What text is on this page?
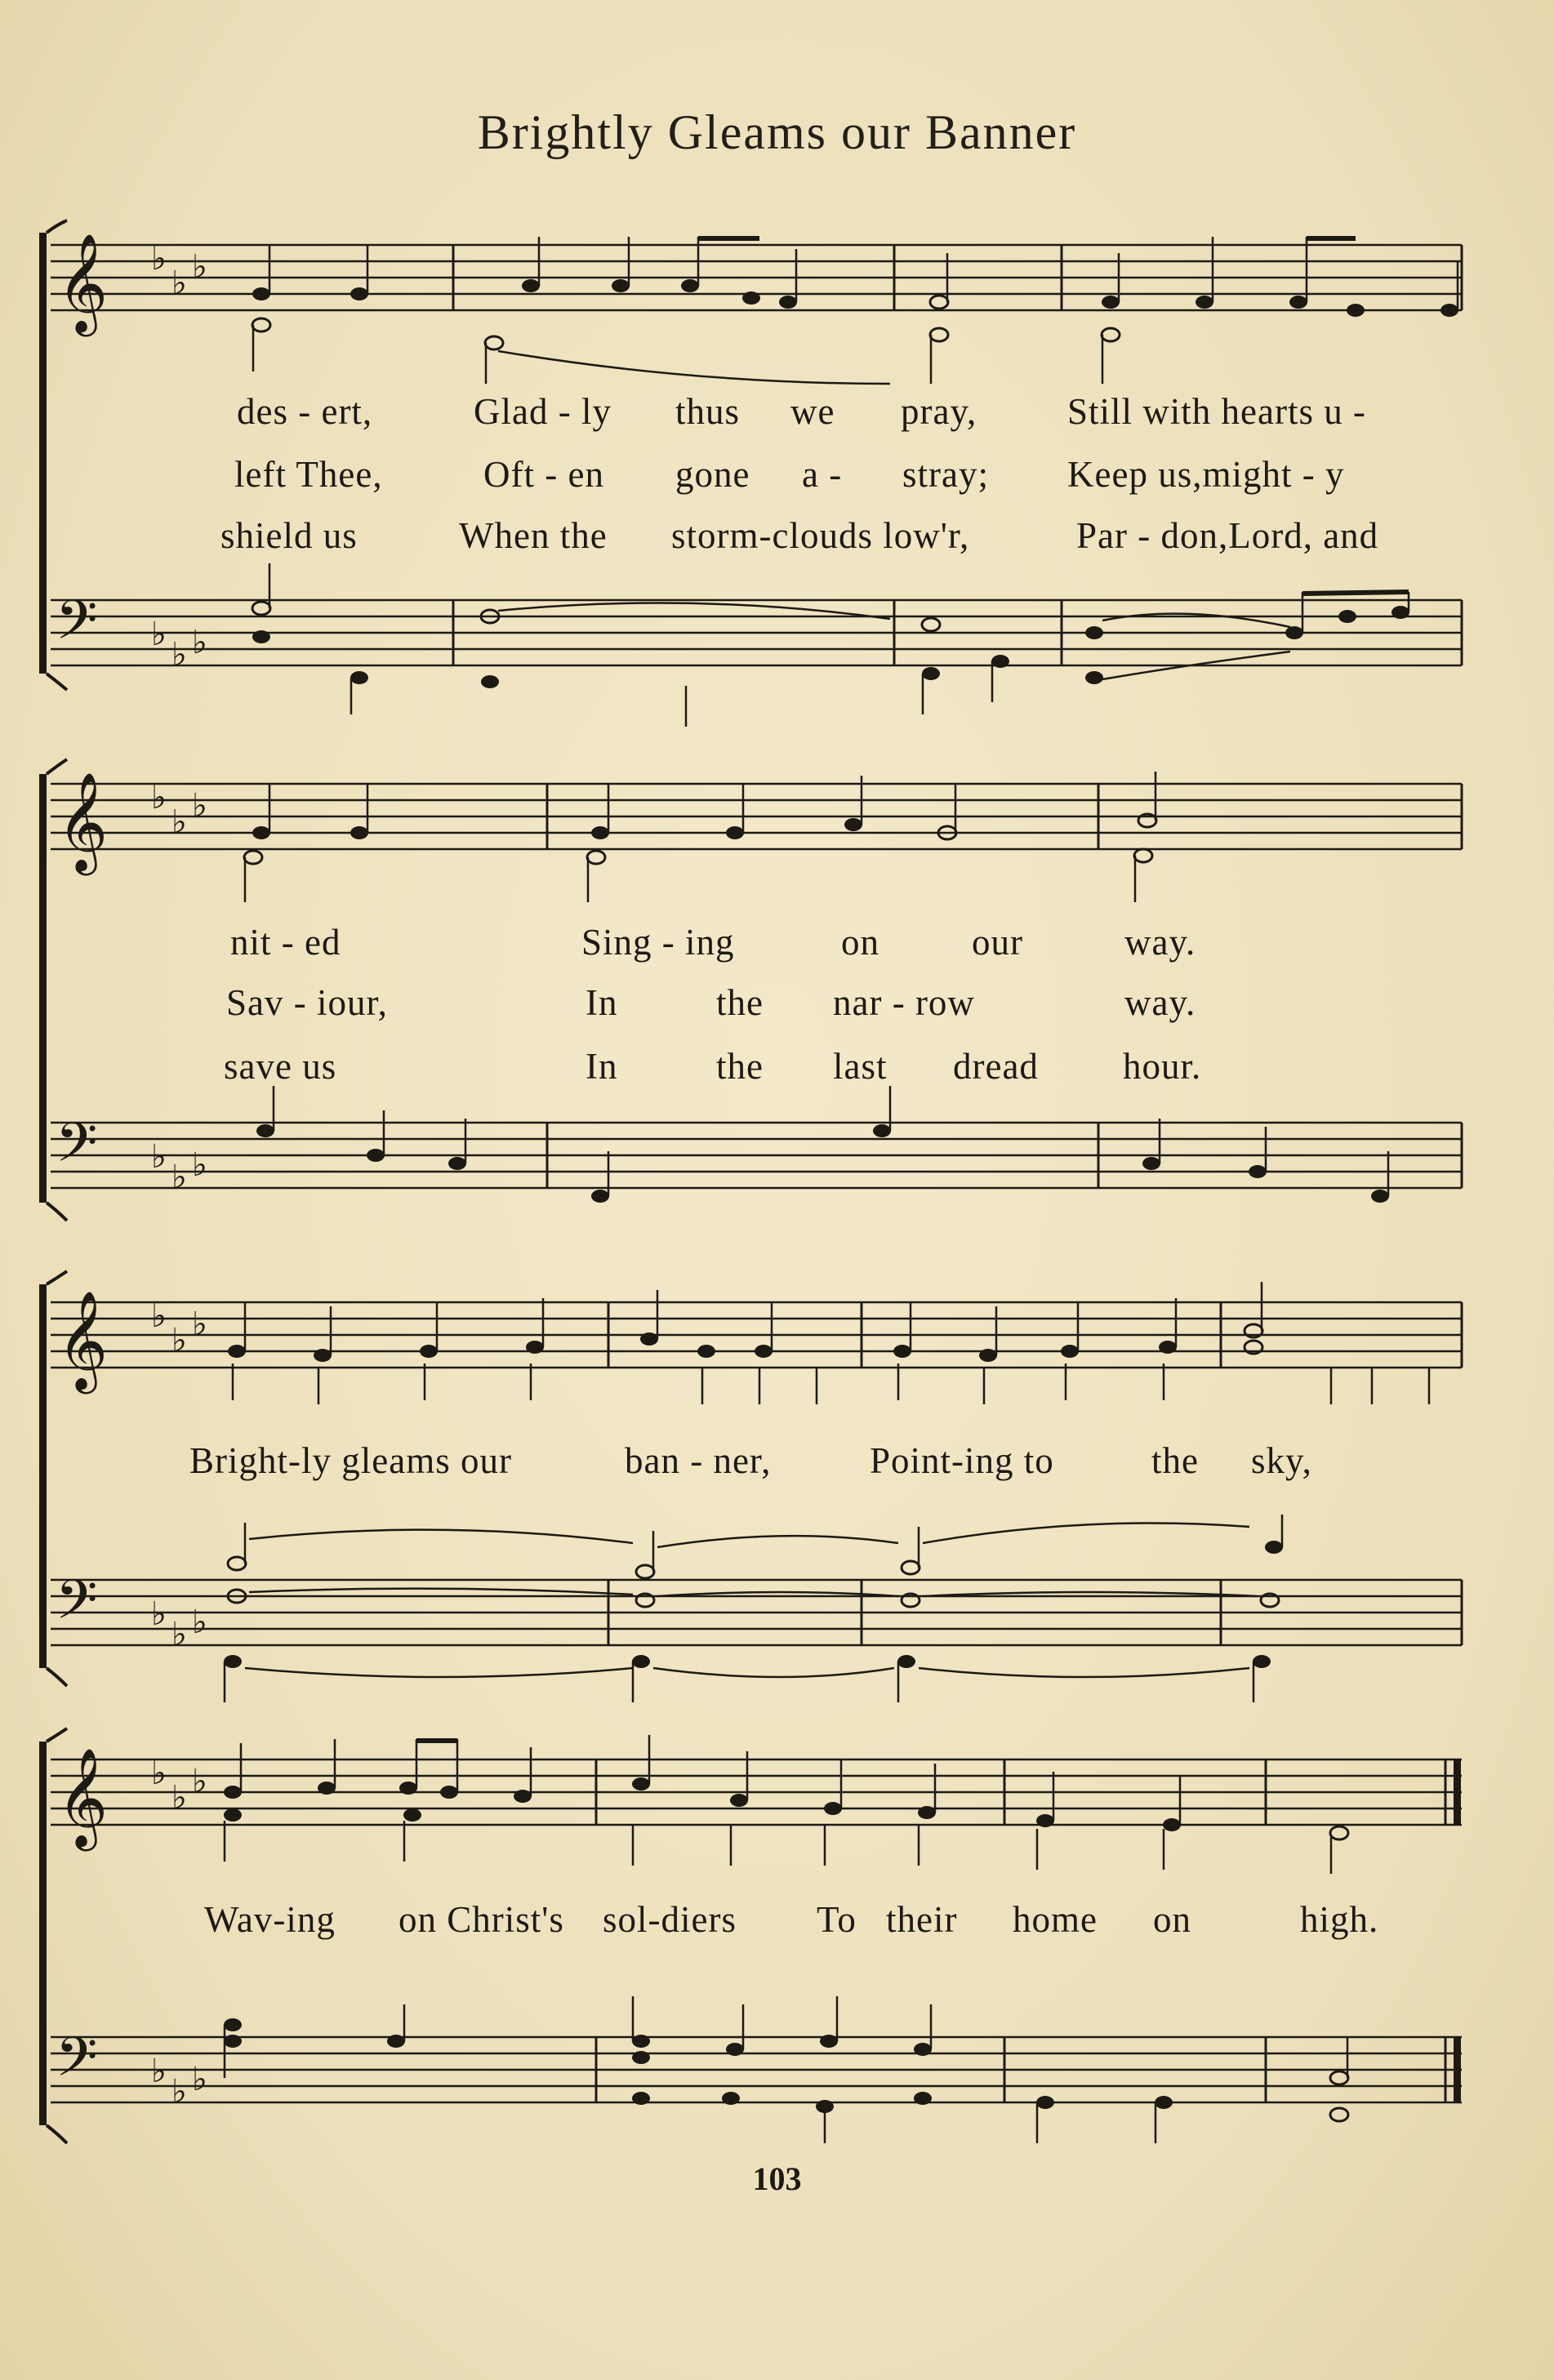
Brightly Gleams our Banner
𝄞
𝄢
♭
♭ ♭
♭
♭ ♭
des - ert,	Glad - ly thus we pray, Still with hearts u -
left Thee,	Oft - en gone a - stray; Keep us,might - y
shield us	When the storm-clouds low'r,	Par - don,Lord, and
𝄞
𝄢
♭
♭ ♭
♭
♭ ♭
nit - ed	Sing - ing	on	our	way.
Sav - iour,	In	the nar - row	way.
save us	In	the last dread hour.
𝄞
𝄢
♭
♭ ♭
♭
♭ ♭
Bright-ly gleams our	ban - ner,	Point-ing to	the sky,
𝄞
𝄢
♭
♭ ♭
♭
♭ ♭
Wav-ing on Christ's sol-diers To their home on	high.
103
